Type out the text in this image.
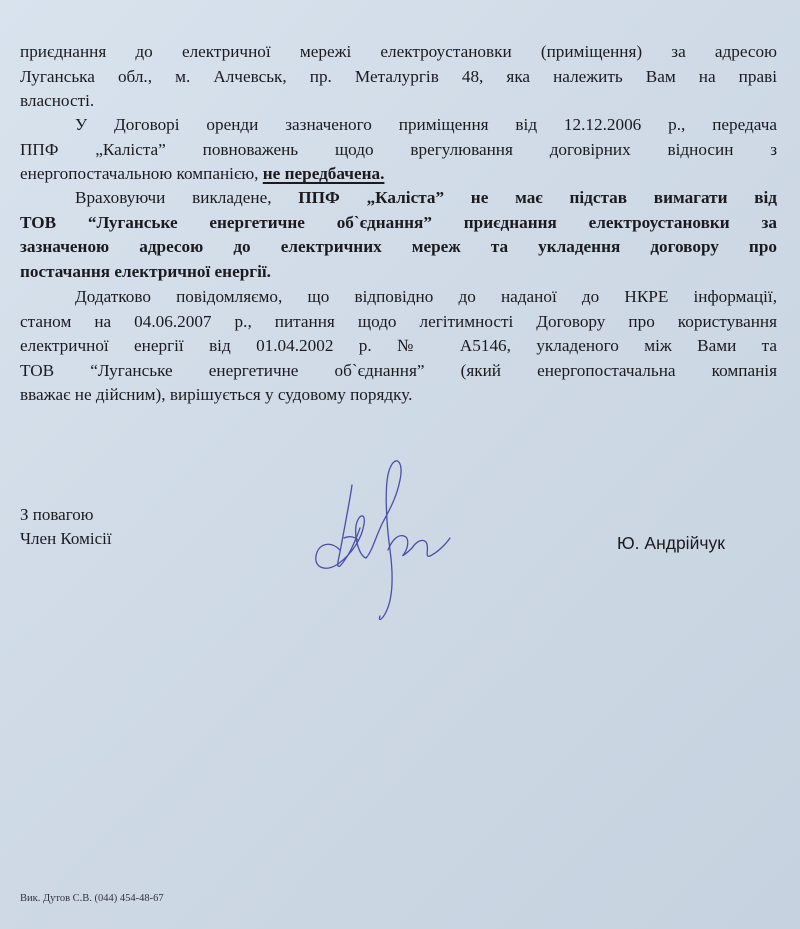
приєднання до електричної мережі електроустановки (приміщення) за адресою
Луганська обл., м. Алчевськ, пр. Металургів 48, яка належить Вам на праві
власності.
У Договорі оренди зазначеного приміщення від 12.12.2006 р., передача
ППФ „Каліста” повноважень щодо врегулювання договірних відносин з
енергопостачальною компанією, не передбачена.
Враховуючи викладене, ППФ „Каліста” не має підстав вимагати від
ТОВ “Луганське енергетичне об`єднання” приєднання електроустановки за
зазначеною адресою до електричних мереж та укладення договору про
постачання електричної енергії.
Додатково повідомляємо, що відповідно до наданої до НКРЕ інформації,
станом на 04.06.2007 р., питання щодо легітимності Договору про користування
електричної енергії від 01.04.2002 р. № А5146, укладеного між Вами та
ТОВ “Луганське енергетичне об`єднання” (який енергопостачальна компанія
вважає не дійсним), вирішується у судовому порядку.
З повагою
Член Комісії	Ю. Андрійчук
Вик. Дутов С.В. (044) 454-48-67
